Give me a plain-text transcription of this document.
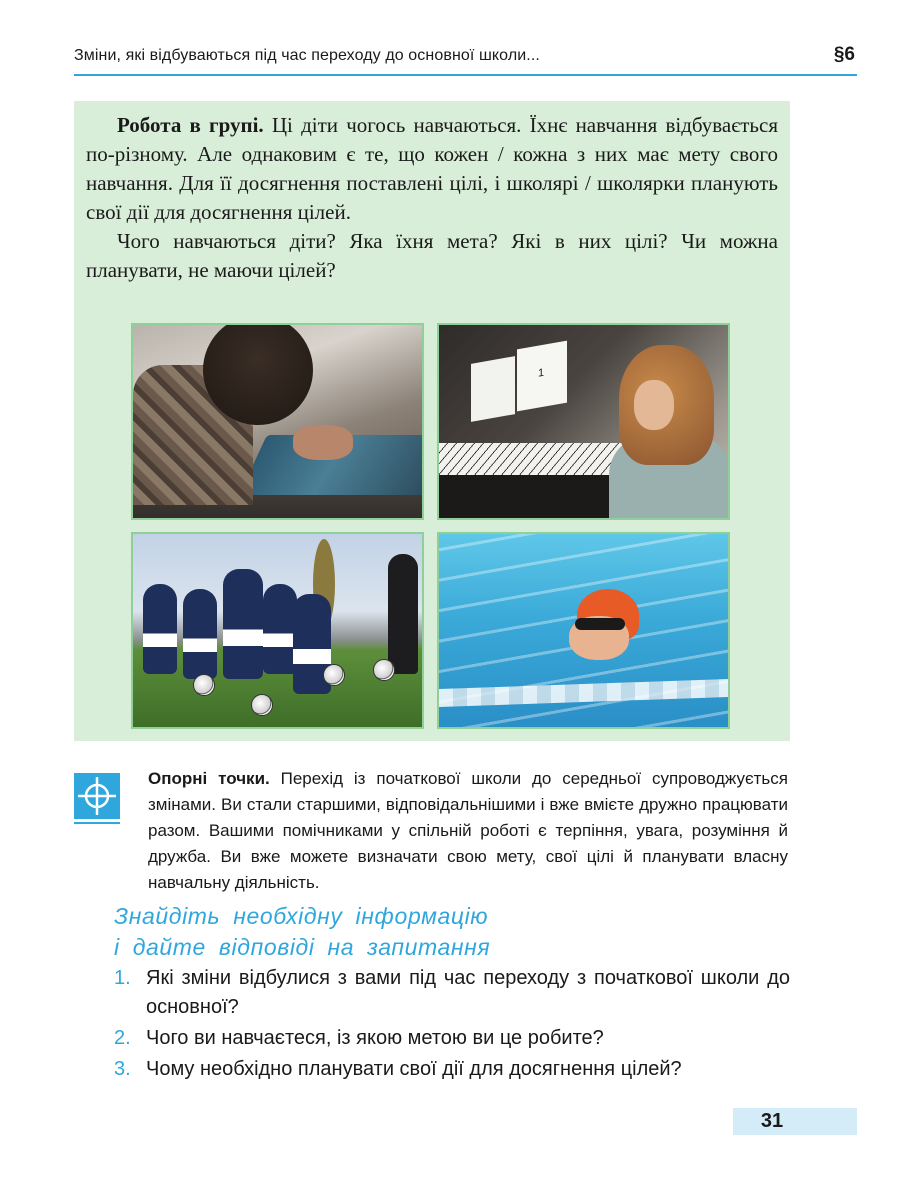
Зміни, які відбуваються під час переходу до основної школи...	§6

Робота в групі. Ці діти чогось навчаються. Їхнє навчання відбувається по-різному. Але однаковим є те, що кожен / кожна з них має мету свого навчання. Для її досягнення поставлені цілі, і школярі / школярки планують свої дії для досягнення цілей.

Чого навчаються діти? Яка їхня мета? Які в них цілі? Чи можна планувати, не маючи цілей?

1
Опорні точки. Перехід із початкової школи до середньої супроводжується змінами. Ви стали старшими, відповідальнішими і вже вмієте дружно працювати разом. Вашими помічниками у спільній роботі є терпіння, увага, розуміння й дружба. Ви вже можете визначати свою мету, свої цілі й планувати власну навчальну діяльність.
Знайдіть необхідну інформацію
і дайте відповіді на запитання
1. Які зміни відбулися з вами під час переходу з початкової школи до основної?
2. Чого ви навчаєтеся, із якою метою ви це робите?
3. Чому необхідно планувати свої дії для досягнення цілей?
31
